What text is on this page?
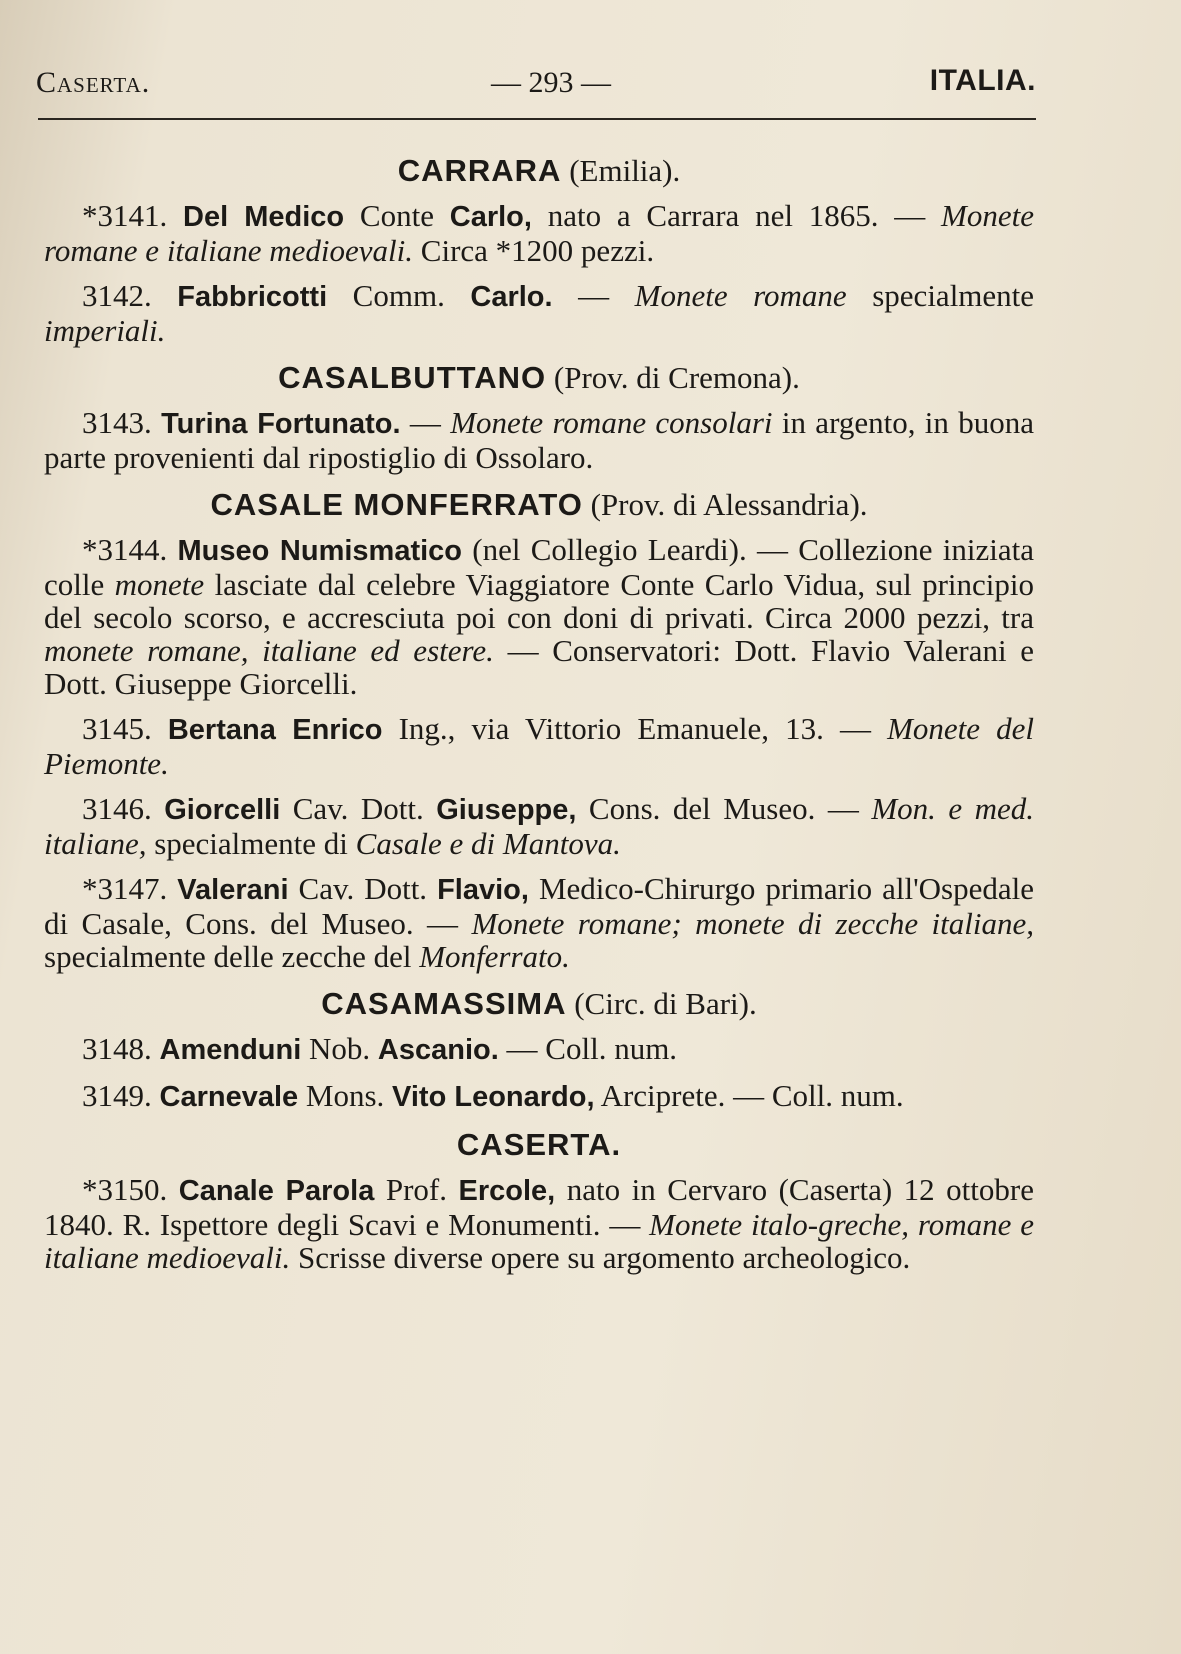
Caserta.	— 293 —	ITALIA.
CARRARA (Emilia).

*3141. Del Medico Conte Carlo, nato a Carrara nel 1865. — Monete romane e italiane medioevali. Circa *1200 pezzi.

3142. Fabbricotti Comm. Carlo. — Monete romane specialmente imperiali.

CASALBUTTANO (Prov. di Cremona).

3143. Turina Fortunato. — Monete romane consolari in argento, in buona parte provenienti dal ripostiglio di Ossolaro.

CASALE MONFERRATO (Prov. di Alessandria).

*3144. Museo Numismatico (nel Collegio Leardi). — Collezione iniziata colle monete lasciate dal celebre Viaggiatore Conte Carlo Vidua, sul principio del secolo scorso, e accresciuta poi con doni di privati. Circa 2000 pezzi, tra monete romane, italiane ed estere. — Conservatori: Dott. Flavio Valerani e Dott. Giuseppe Giorcelli.

3145. Bertana Enrico Ing., via Vittorio Emanuele, 13. — Monete del Piemonte.

3146. Giorcelli Cav. Dott. Giuseppe, Cons. del Museo. — Mon. e med. italiane, specialmente di Casale e di Mantova.

*3147. Valerani Cav. Dott. Flavio, Medico-Chirurgo primario all'Ospedale di Casale, Cons. del Museo. — Monete romane; monete di zecche italiane, specialmente delle zecche del Monferrato.

CASAMASSIMA (Circ. di Bari).

3148. Amenduni Nob. Ascanio. — Coll. num.

3149. Carnevale Mons. Vito Leonardo, Arciprete. — Coll. num.

CASERTA.

*3150. Canale Parola Prof. Ercole, nato in Cervaro (Caserta) 12 ottobre 1840. R. Ispettore degli Scavi e Monumenti. — Monete italo-greche, romane e italiane medioevali. Scrisse diverse opere su argomento archeologico.
